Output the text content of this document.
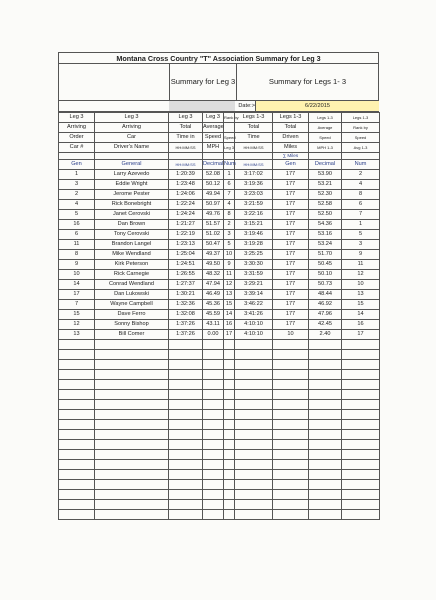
Montana Cross Country "T" Association Summary for Leg 3
Summary for Leg 3	Summary for Legs 1- 3
Date:>	6/22/2015
Leg 3	Leg 3	Leg 3	Leg 3	Rank by	Legs 1-3	Legs 1-3	Legs 1-3	Legs 1-3
Arriving	Arriving	Total	Average		Total	Total	Average	Rank by
Order	Car	Time in	Speed	Speed	Time	Driven	Speed	Speed
Car #	Driver's Name	HH:MM:SS	MPH	Leg 3	HH:MM:SS	Miles	MPH 1-3	Avg 1-3
						∑ Miles		
Gen	General	HH:MM:SS	Decimal	Num	HH:MM:SS	Gen	Decimal	Num
1	Larry Azevedo	1:20:39	52.08	1	3:17:02	177	53.90	2
3	Eddie Wright	1:23:48	50.12	6	3:19:36	177	53.21	4
2	Jerome Pester	1:24:06	49.94	7	3:23:03	177	52.30	8
4	Rick Bonebright	1:22:24	50.97	4	3:21:59	177	52.58	6
5	Janet Cerovski	1:24:24	49.76	8	3:22:16	177	52.50	7
16	Dan Brown	1:21:27	51.57	2	3:15:21	177	54.36	1
6	Tony Cerovski	1:22:19	51.02	3	3:19:46	177	53.16	5
11	Brandon Langel	1:23:13	50.47	5	3:19:28	177	53.24	3
8	Mike Wendland	1:25:04	49.37	10	3:25:25	177	51.70	9
9	Kirk Peterson	1:24:51	49.50	9	3:30:30	177	50.45	11
10	Rick Carnegie	1:26:55	48.32	11	3:31:59	177	50.10	12
14	Conrad Wendland	1:27:37	47.94	12	3:29:21	177	50.73	10
17	Dan Lukowski	1:30:21	46.49	13	3:39:14	177	48.44	13
7	Wayne Campbell	1:32:36	45.36	15	3:46:22	177	46.92	15
15	Dave Ferro	1:32:08	45.59	14	3:41:26	177	47.96	14
12	Sonny Bishop	1:37:26	43.11	16	4:10:10	177	42.45	16
13	Bill Comer	1:37:26	0.00	17	4:10:10	10	2.40	17
